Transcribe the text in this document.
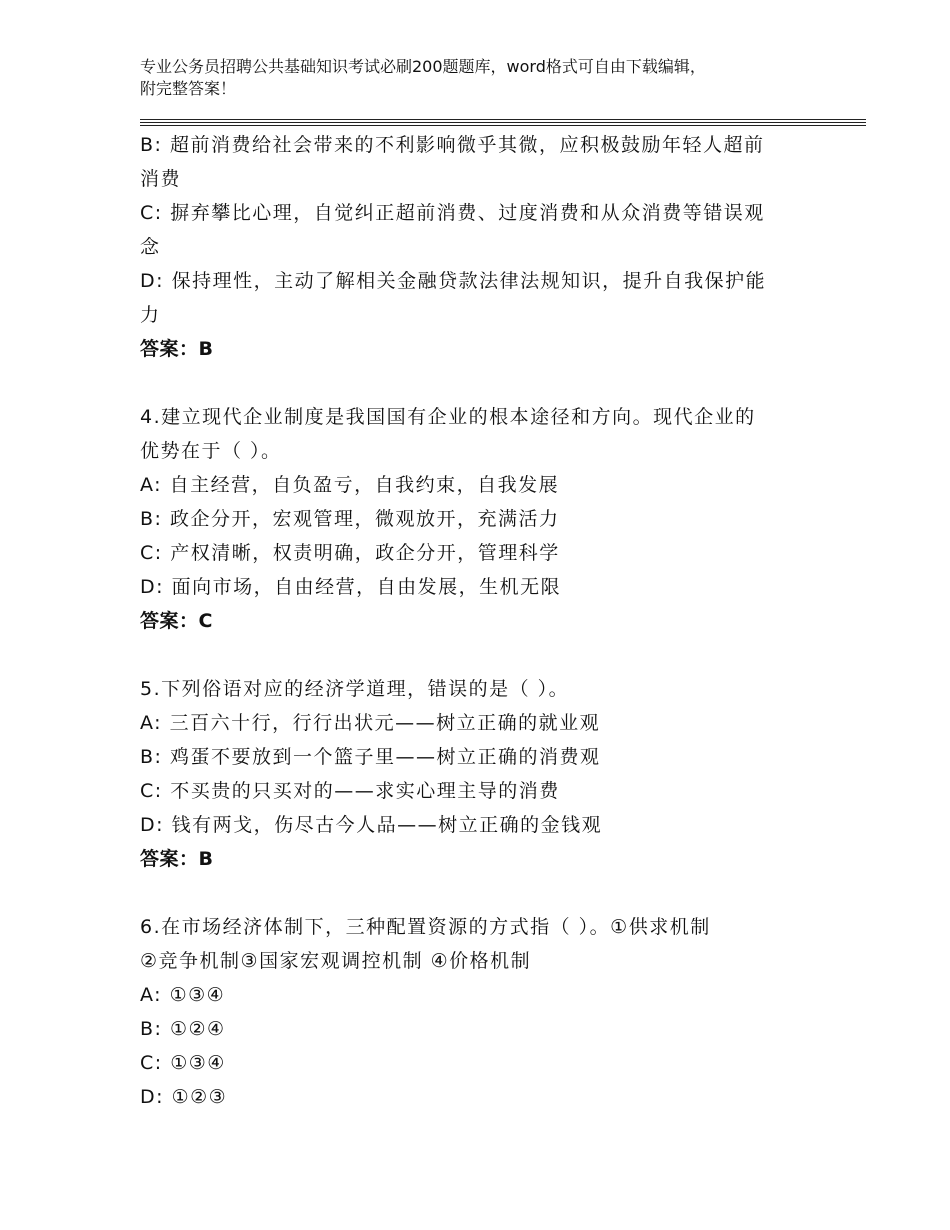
专业公务员招聘公共基础知识考试必刷200题题库，word格式可自由下载编辑，
附完整答案！
B: 超前消费给社会带来的不利影响微乎其微，应积极鼓励年轻人超前
消费
C: 摒弃攀比心理，自觉纠正超前消费、过度消费和从众消费等错误观
念
D: 保持理性，主动了解相关金融贷款法律法规知识，提升自我保护能
力
答案：B
4.建立现代企业制度是我国国有企业的根本途径和方向。现代企业的
优势在于（ ）。
A: 自主经营，自负盈亏，自我约束，自我发展
B: 政企分开，宏观管理，微观放开，充满活力
C: 产权清晰，权责明确，政企分开，管理科学
D: 面向市场，自由经营，自由发展，生机无限
答案：C
5.下列俗语对应的经济学道理，错误的是（ ）。
A: 三百六十行，行行出状元——树立正确的就业观
B: 鸡蛋不要放到一个篮子里——树立正确的消费观
C: 不买贵的只买对的——求实心理主导的消费
D: 钱有两戈，伤尽古今人品——树立正确的金钱观
答案：B
6.在市场经济体制下，三种配置资源的方式指（ ）。①供求机制
②竞争机制③国家宏观调控机制 ④价格机制
A: ①③④
B: ①②④
C: ①③④
D: ①②③
